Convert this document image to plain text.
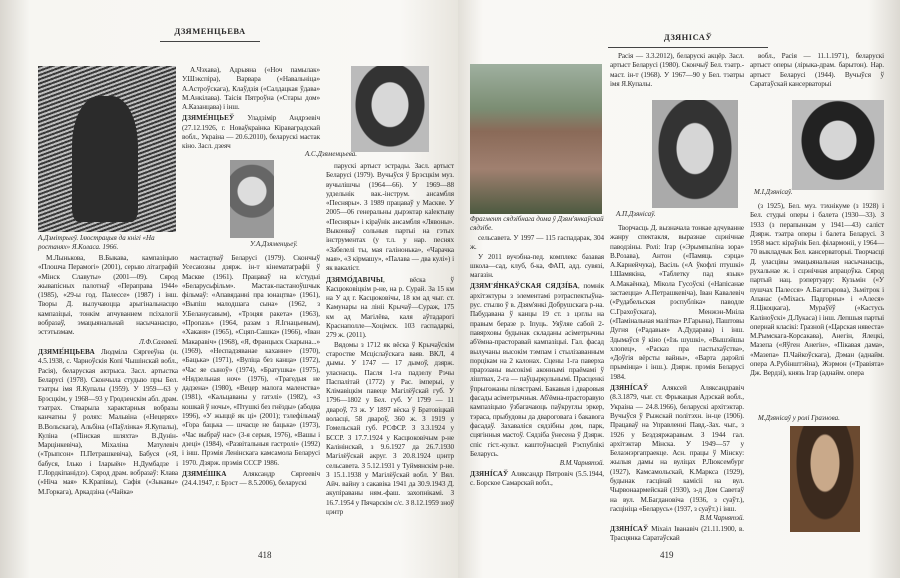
ДЗЯМЕНЦЬЕВА
А.Дзмітрыеў. Ілюстрацыя да кнігі «На ростанях» Я.Коласа. 1966.

М.Лынькова, В.Быкава, кампазіцыю «Плошча Перамогі» (2001), серыю літаграфій «Мінск Славуты» (2001—09). Сярод жывапісных палотнаў «Пераправа 1944» (1985), «29-ы год. Палессе» (1987) і інш. Творы Д. вылучаюцца арыгінальнасцю кампазіцыі, тонкім апчуваннем псіхалогіі вобразаў, эмацыянальнай насычанасцю, эстэтызмам.
Л.Ф.Салавей.

ДЗЯМЕ́НЦЬЕВА Людміла Сяргееўна (н. 4.5.1938, с. Чарноўскія Копі Чышінскай вобл., Расія), беларуская актрыса. Засл. артыстка Беларусі (1978). Скончыла студыю пры Бел. тэатры імя Я.Купалы (1959). У 1959—63 у Брэсцкім, у 1968—93 у Гродзенскім абл. драм. тэатрах. Стварыла характарныя вобразы канчатны ў ролях: Мальвіна («Нецерях» В.Вольскага), Альбіна («Паўлінка» Я.Купалы), Куліна («Пінская шляхта» В.Дунін-Марцінкевіча), Міхаліна Матулевіч («Трыпсон» П.Петрашкевіча), Бабуся («Я, бабуся, Ілько і Іларыён» Н.Думбадзе і Г.Лордкіпанідзэ). Сярод драм. вобразаў: Клава («Ніча мая» К.Крапівы), Сафія («Зыкавы» М.Горкага), Аркадзіна («Чайка»

А.Чэхава), Адрыяна («Ноч памылак» У.Шэкспіра), Варвара («Навальніца» А.Астроўскага), Клаўдзія («Салдацкая ўдава» М.Анкілава). Таісія Пятроўна («Стары дом» А.Казанцава) і інш.

ДЗЯМЕ́НЦЬЕЎ Уладзімір Андрэевіч (27.12.1926, г. Новаўкраінка Кіраваградскай вобл., Украіна — 20.6.2010), беларускі мастак кіно. Засл. дзеяч

У.А.Дзяменцьеў.

мастацтваў Беларусі (1979). Скончыў Усесаюзны дзярж. ін-т кінематаграфіі ў Маскве (1961). Працаваў на к/студыі «Беларусьфільм». Мастак-пастаноўшчык фільмаў: «Апавяданні пра юнацтва» (1961), «Выпіш малодшага сына» (1962, з У.Беланусавым), «Трэцяя ракета» (1963), «Пропазь» (1964, разам з Я.Ігнацьевым), «Хаканя» (1965), «Сцяп-Сашка» (1966), «Іван Макаравіч» (1968), «Я, Францыск Скарына...» (1969), «Неспадзяванае каханне» (1970), «Бацька» (1971), «Вуліца без канца» (1972), «Час яе сыноў» (1974), «Братушка» (1975), «Нядзельная ноч» (1976), «Трагедыя не дадзена» (1980), «Вецер малога маленства» (1981), «Кальцаваны у гатэлі» (1982), «З кошкай ў ночы», «Птушкі без гнёзды» (абодва 1996), «У жыццё як ці» (2001); тэлефільмаў «Гора бацька — шчасце не бацька» (1973), «Час выбраў нас» (3-я серыя, 1976), «Вашы і дзеці» (1984), «Развітальныя гастролі» (1992) і інш. Прэмія Ленінскага камсамола Беларусі 1970. Дзярж. прэмія СССР 1986.

ДЗЯМЕ́ШКА Аляксандр Сяргеевіч (24.4.1947, г. Брэст — 8.5.2006), беларускі

А.С.Дзяменцьева.

парускі артыст эстрады. Засл. артыст Беларусі (1979). Вучыўся ў Брэсцкім муз. вучылішчы (1964—66). У 1969—88 удзельнік вак.-інструм. ансамбля «Песняры». З 1989 працаваў у Маскве. У 2005—06 генеральны дырэктар кalектыву «Песняры» і кіраўнік ансамбля «Лявоны». Выконваў сольныя партыі на гэтых інструментах (у т.л. у нар. песнях «Забелелі ты, мая галінонька», «Чарачка мая», «З кірмашу», «Палава — два кулі») і як вакаліст.

ДЗЯМО́ДАВІЧЫ, вёска ў Касцюковіцкім р-не, на р. Сурай. За 15 км на У ад г. Касцюковічы, 18 км ад чыг. ст. Камунары на лініі Крычаў—Сураж, 175 км ад Магілёва, каля аўтадарогі Краснаполле—Хоцімск. 103 гаспадаркі, 279 ж. (2011).

Вядомы з 1712 як вёска ў Крычаўскім старостве Мсціслаўскага ваяв. ВКЛ, 4 дымы. У 1747 — 17 дымоў, дзярж. уласнасць. Пасля 1-га падзелу Рэчы Паспалітай (1772) у Рас. імперыі, у Клімавіцкім павеце Магілёўскай губ. У 1796—1802 у Бел. губ. У 1799 — 11 двароў, 73 ж. У 1897 вёска ў Братовіцкай воласці, 58 двароў, 360 ж. З 1919 у Гомельскай губ. РСФСР. З 3.3.1924 у БССР. З 17.7.1924 у Касцюковічым р-не Калінінскай, з 9.6.1927 да 26.7.1930 Магілёўскай акруг. З 20.8.1924 цэнтр сельсавета. З 5.12.1931 у Туймянскім р-не. З 15.1.1938 у Магілёўскай вобл. У Вял. Айч. вайну з сакавіка 1941 да 30.9.1943 Д. акупіраваны ням.-фаш. захопнікамі. З 16.7.1954 у Пячарскім с/с. З 8.12.1959 зноў цэнтр

418
ДЗЯНІСАЎ
Фрагмент сядзібнага дома ў Дзям'янкаўскай сядзібе.

сельсавета. У 1997 — 115 гаспадарак, 304 ж.

У 2011 вучэбна-пед. комплекс базавая школа—сад, клуб, б-ка, ФАП, адд. сувязі, магазін.

ДЗЯМ'Я́НКАЎСКАЯ СЯДЗІ́БА, помнік архітэктуры з элементамі рэтраспектыўна-рус. стылю ў в. Дзям'янкі Добрушскага р-на. Пабудавана ў канцы 19 ст. з цэглы на правым беразе р. Іпуць. Уяўляе сабой 2-павярховы будынак складаны асіметрычны аб'ёмна-прасторавай кампазіцыі. Гал. фасад вылучаны высокім тэмпам і стылізаванным порцікам на 2 калонах. Сцены 1-га паверха прарэзаны высокімі аконнымі праёмамі ў ліштвах, 2-га — паўцыркульнымі. Прасценкі ўпрыгожаны пілястрамі. Бакавыя і дваровыя фасады асіметрычныя. Аб'ёмна-прасторавую кампазіцыю ўзбагачаюць паўкруглы эркер, тэраса, прыбудовы да двароговага і бакавога фасадаў. Захаваліся сядзібны дом, парк, сцягінныя мастоў. Сядзіба ўнесена ў Дзярж. спіс гіст.-культ. каштоўнасцей Рэспублікі Беларусь.
В.М.Чарнятэй.

ДЗЯНІ́САЎ Аляксандр Пятровіч (5.5.1944, с. Борское Самарскай вобл.,

Расія — 3.3.2012), беларускі акцёр. Засл. артыст Беларусі (1980). Скончыў Бел. тэатр.-маст. ін-т (1968). У 1967—90 у Бел. тэатры імя Я.Купалы.

А.П.Дзянісаў.

Творчасць Д. вызначала тонкае адчуванне жанру спектакля, выразнае сцэнічнае паводзіны. Ролі: Ігар («Эрымпыліна зора» В.Розава), Антон («Памяць сэрца» А.Карнейчука), Васіль («А ўкофлі птушкі» І.Шамякіна, «Таблетку пад язык» А.Макаёнка), Мікола Гусоўскі («Напісанае застаецца» А.Петрашкевіча), Іван Кавалевіч («Рудабельская рэспубліка» паводле С.Грахоўскага), Менжэн-Мніла («Памінальная малітва» Р.Гарына), Паштовы Дугня («Радавыя» А.Дударава) і інш. Здымаўся ў кіно («Ізь шушкі», «Вышэйшы хлопец», «Расказ пра пастыхаўства», «Доўгія вёрсты вайны», «Варта дарэйлі прымінца» і інш.). Дзярж. прэмія Беларусі 1984.

ДЗЯНІ́САЎ Аляксей Аляксандравіч (8.3.1879, чыг. ст. Фрыкацыя Адэскай вобл., Украіна — 24.8.1966), беларускі архітэктар. Вучыўся ў Рыжскай політэхн. ін-це (1906). Працаваў на Управленні Павд.-Зах. чыг., з 1926 у Бездзяржаравым. З 1944 гал. архітэктар Мінска. У 1949—57 у Белаэнэргапраекце. Асн. працы ў Мінску: жылыя дамы на вуліцах Р.Люксембург (1927), Камсамольскай, К.Маркса (1929), будынак гасцінай камісіі на вул. Чырвонаармейскай (1930), з-д Дом Саветаў на вул. М.Багдановіча (1936, з суаўт.), гасцініца «Беларусь» (1937, з суаўт.) і інш.
В.М.Чарнятэй.

ДЗЯНІ́САЎ Міхаіл Іванавіч (21.11.1900, в. Трасцянка Саратаўскай

вобл., Расія — 11.1.1971), беларускі артыст оперы (лірыка-драм. барытон). Нар. артыст Беларусі (1944). Вучыўся ў Саратаўскай кансерваторыі

М.І.Дзянісаў.

(з 1925), Бел. муз. тэхнікуме (з 1928) і Бел. студыі оперы і балета (1930—33). З 1933 (з перапынкам у 1941—43) салiст Дзярж. тэатра оперы і балета Беларусі. З 1958 маст. кіраўнік Бел. філармоніі, у 1964—70 выкладчык Бел. кансерваторыі. Творчасці Д. уласцівы эмацыянальная насычанасць, рухальнае ж. і сцэнічная апрацоўка. Сярод партый нац. рэпертуару: Кузьмін («У пушчах Палесся» А.Багатырова), Зьмітрок і Апанас («Міхась Падгорны» і «Алеся» Я.Цікоцкага), Мураўёў («Кастусь Каліноўскі» Д.Лукаса) і інш. Лепшыя партыі опернай класікі: Гразной («Царская нявеста» М.Рымскага-Корсакава), Анегін, Ялецкі, Мазепа («Яўген Анегін», «Пікавая дама», «Мазепа» П.Чайкоўскага), Дэман (аднайм. опера А.Рубінштэйна), Жэрмон («Травіята» Дж. Вердзі), князь Ігар (аднайм. опера

М.Дзянісаў у ролі Гразнова.
419
